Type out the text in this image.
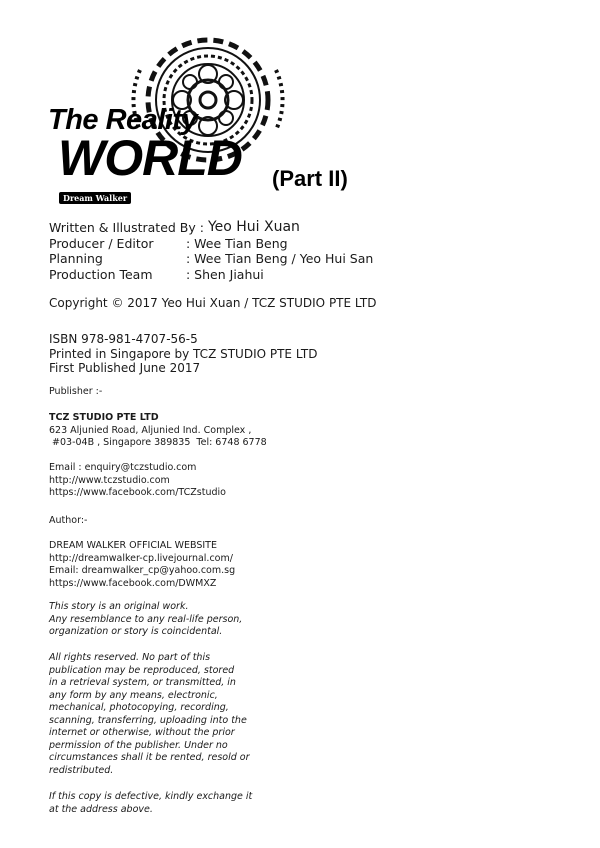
The Reality
WORLD (Part II)
Dream Walker
Written & Illustrated By :
Yeo Hui Xuan
Producer / Editor	: Wee Tian Beng
Planning	: Wee Tian Beng / Yeo Hui San
Production Team	: Shen Jiahui
Copyright © 2017 Yeo Hui Xuan / TCZ STUDIO PTE LTD
ISBN 978-981-4707-56-5
Printed in Singapore by TCZ STUDIO PTE LTD
First Published June 2017
Publisher :-
TCZ STUDIO PTE LTD
623 Aljunied Road, Aljunied Ind. Complex ,
#03-04B , Singapore 389835  Tel: 6748 6778
Email : enquiry@tczstudio.com
http://www.tczstudio.com
https://www.facebook.com/TCZstudio
Author:-
DREAM WALKER OFFICIAL WEBSITE
http://dreamwalker-cp.livejournal.com/
Email: dreamwalker_cp@yahoo.com.sg
https://www.facebook.com/DWMXZ
This story is an original work.
Any resemblance to any real-life person,
organization or story is coincidental.
All rights reserved. No part of this
publication may be reproduced, stored
in a retrieval system, or transmitted, in
any form by any means, electronic,
mechanical, photocopying, recording,
scanning, transferring, uploading into the
internet or otherwise, without the prior
permission of the publisher. Under no
circumstances shall it be rented, resold or
redistributed.
If this copy is defective, kindly exchange it
at the address above.
